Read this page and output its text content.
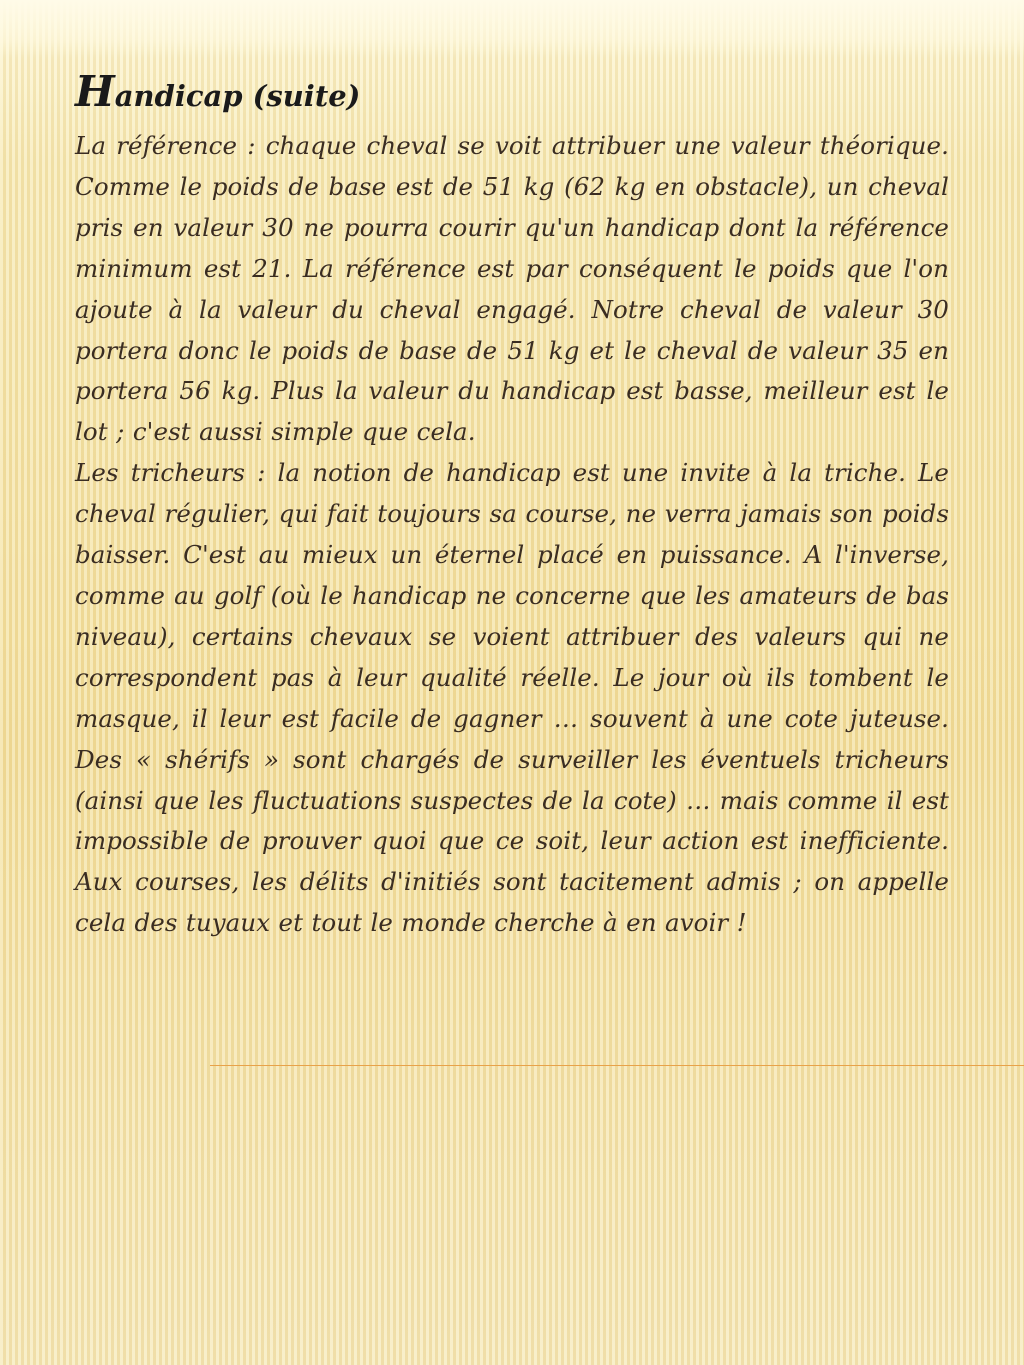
Handicap (suite)

La référence : chaque cheval se voit attribuer une valeur théorique. Comme le poids de base est de 51 kg (62 kg en obstacle), un cheval pris en valeur 30 ne pourra courir qu'un handicap dont la référence minimum est 21. La référence est par conséquent le poids que l'on ajoute à la valeur du cheval engagé. Notre cheval de valeur 30 portera donc le poids de base de 51 kg et le cheval de valeur 35 en portera 56 kg. Plus la valeur du handicap est basse, meilleur est le lot ; c'est aussi simple que cela.

Les tricheurs : la notion de handicap est une invite à la triche. Le cheval régulier, qui fait toujours sa course, ne verra jamais son poids baisser. C'est au mieux un éternel placé en puissance. A l'inverse, comme au golf (où le handicap ne concerne que les amateurs de bas niveau), certains chevaux se voient attribuer des valeurs qui ne correspondent pas à leur qualité réelle. Le jour où ils tombent le masque, il leur est facile de gagner … souvent à une cote juteuse. Des « shérifs » sont chargés de surveiller les éventuels tricheurs (ainsi que les fluctuations suspectes de la cote) … mais comme il est impossible de prouver quoi que ce soit, leur action est inefficiente. Aux courses, les délits d'initiés sont tacitement admis ; on appelle cela des tuyaux et tout le monde cherche à en avoir !
